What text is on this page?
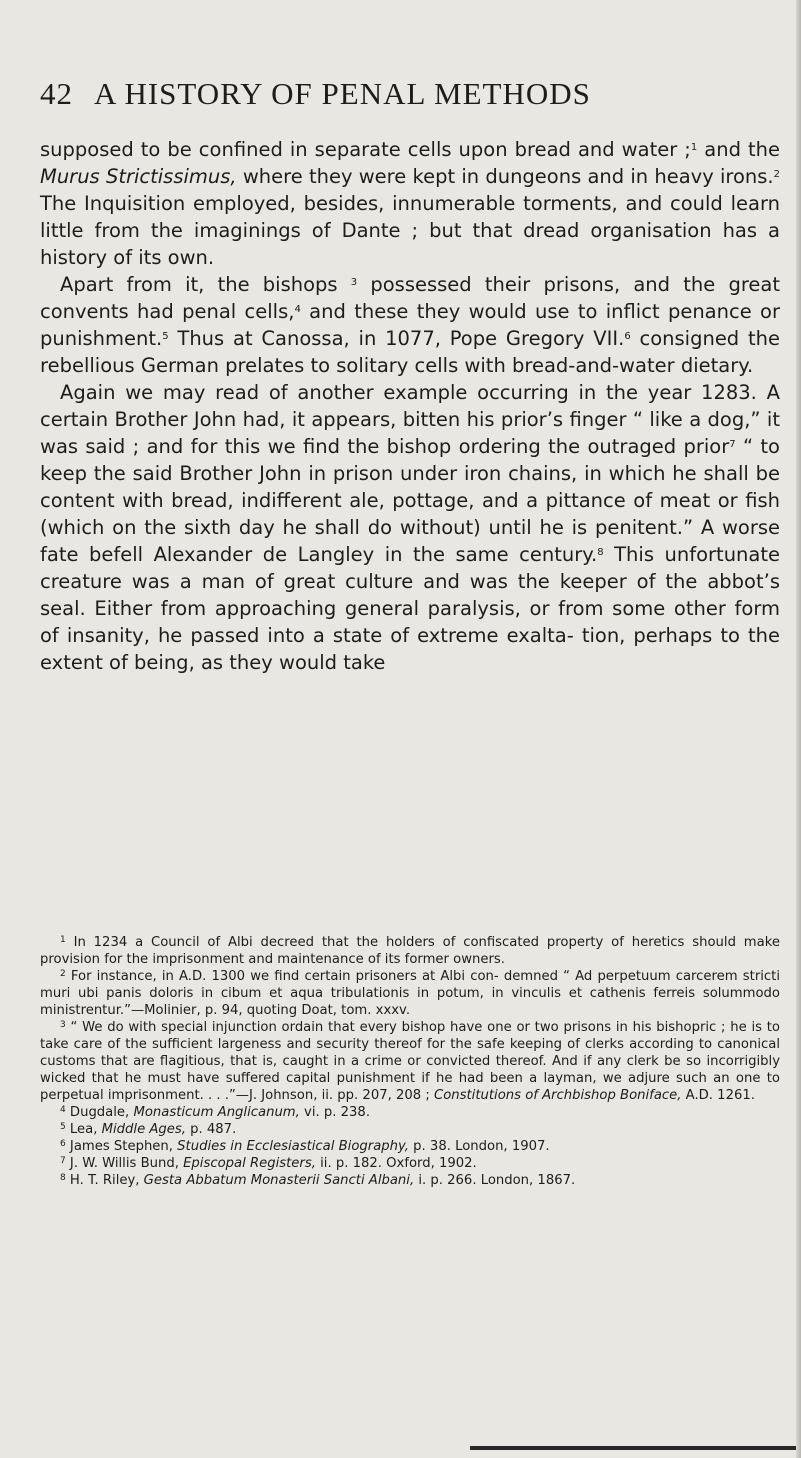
42 A HISTORY OF PENAL METHODS

supposed to be confined in separate cells upon bread and water ;$^1$ and the Murus Strictissimus, where they were kept in dungeons and in heavy irons.$^2$ The Inquisition employed, besides, innumerable torments, and could learn little from the imaginings of Dante ; but that dread organisation has a history of its own.

Apart from it, the bishops $^3$ possessed their prisons, and the great convents had penal cells,$^4$ and these they would use to inflict penance or punishment.$^5$ Thus at Canossa, in 1077, Pope Gregory VII.$^6$ consigned the rebellious German prelates to solitary cells with bread-and-water dietary.

Again we may read of another example occurring in the year 1283. A certain Brother John had, it appears, bitten his prior’s finger “ like a dog,” it was said ; and for this we find the bishop ordering the outraged prior$^7$ “ to keep the said Brother John in prison under iron chains, in which he shall be content with bread, indifferent ale, pottage, and a pittance of meat or fish (which on the sixth day he shall do without) until he is penitent.” A worse fate befell Alexander de Langley in the same century.$^8$ This unfortunate creature was a man of great culture and was the keeper of the abbot’s seal. Either from approaching general paralysis, or from some other form of insanity, he passed into a state of extreme exalta- tion, perhaps to the extent of being, as they would take

$^1$ In 1234 a Council of Albi decreed that the holders of confiscated property of heretics should make provision for the imprisonment and maintenance of its former owners.

$^2$ For instance, in A.D. 1300 we find certain prisoners at Albi con- demned “ Ad perpetuum carcerem stricti muri ubi panis doloris in cibum et aqua tribulationis in potum, in vinculis et cathenis ferreis solummodo ministrentur.”—Molinier, p. 94, quoting Doat, tom. xxxv.

$^3$ “ We do with special injunction ordain that every bishop have one or two prisons in his bishopric ; he is to take care of the sufficient largeness and security thereof for the safe keeping of clerks according to canonical customs that are flagitious, that is, caught in a crime or convicted thereof. And if any clerk be so incorrigibly wicked that he must have suffered capital punishment if he had been a layman, we adjure such an one to perpetual imprisonment. . . .”—J. Johnson, ii. pp. 207, 208 ; Constitutions of Archbishop Boniface, A.D. 1261.

$^4$ Dugdale, Monasticum Anglicanum, vi. p. 238.

$^5$ Lea, Middle Ages, p. 487.

$^6$ James Stephen, Studies in Ecclesiastical Biography, p. 38. London, 1907.

$^7$ J. W. Willis Bund, Episcopal Registers, ii. p. 182. Oxford, 1902.

$^8$ H. T. Riley, Gesta Abbatum Monasterii Sancti Albani, i. p. 266. London, 1867.
